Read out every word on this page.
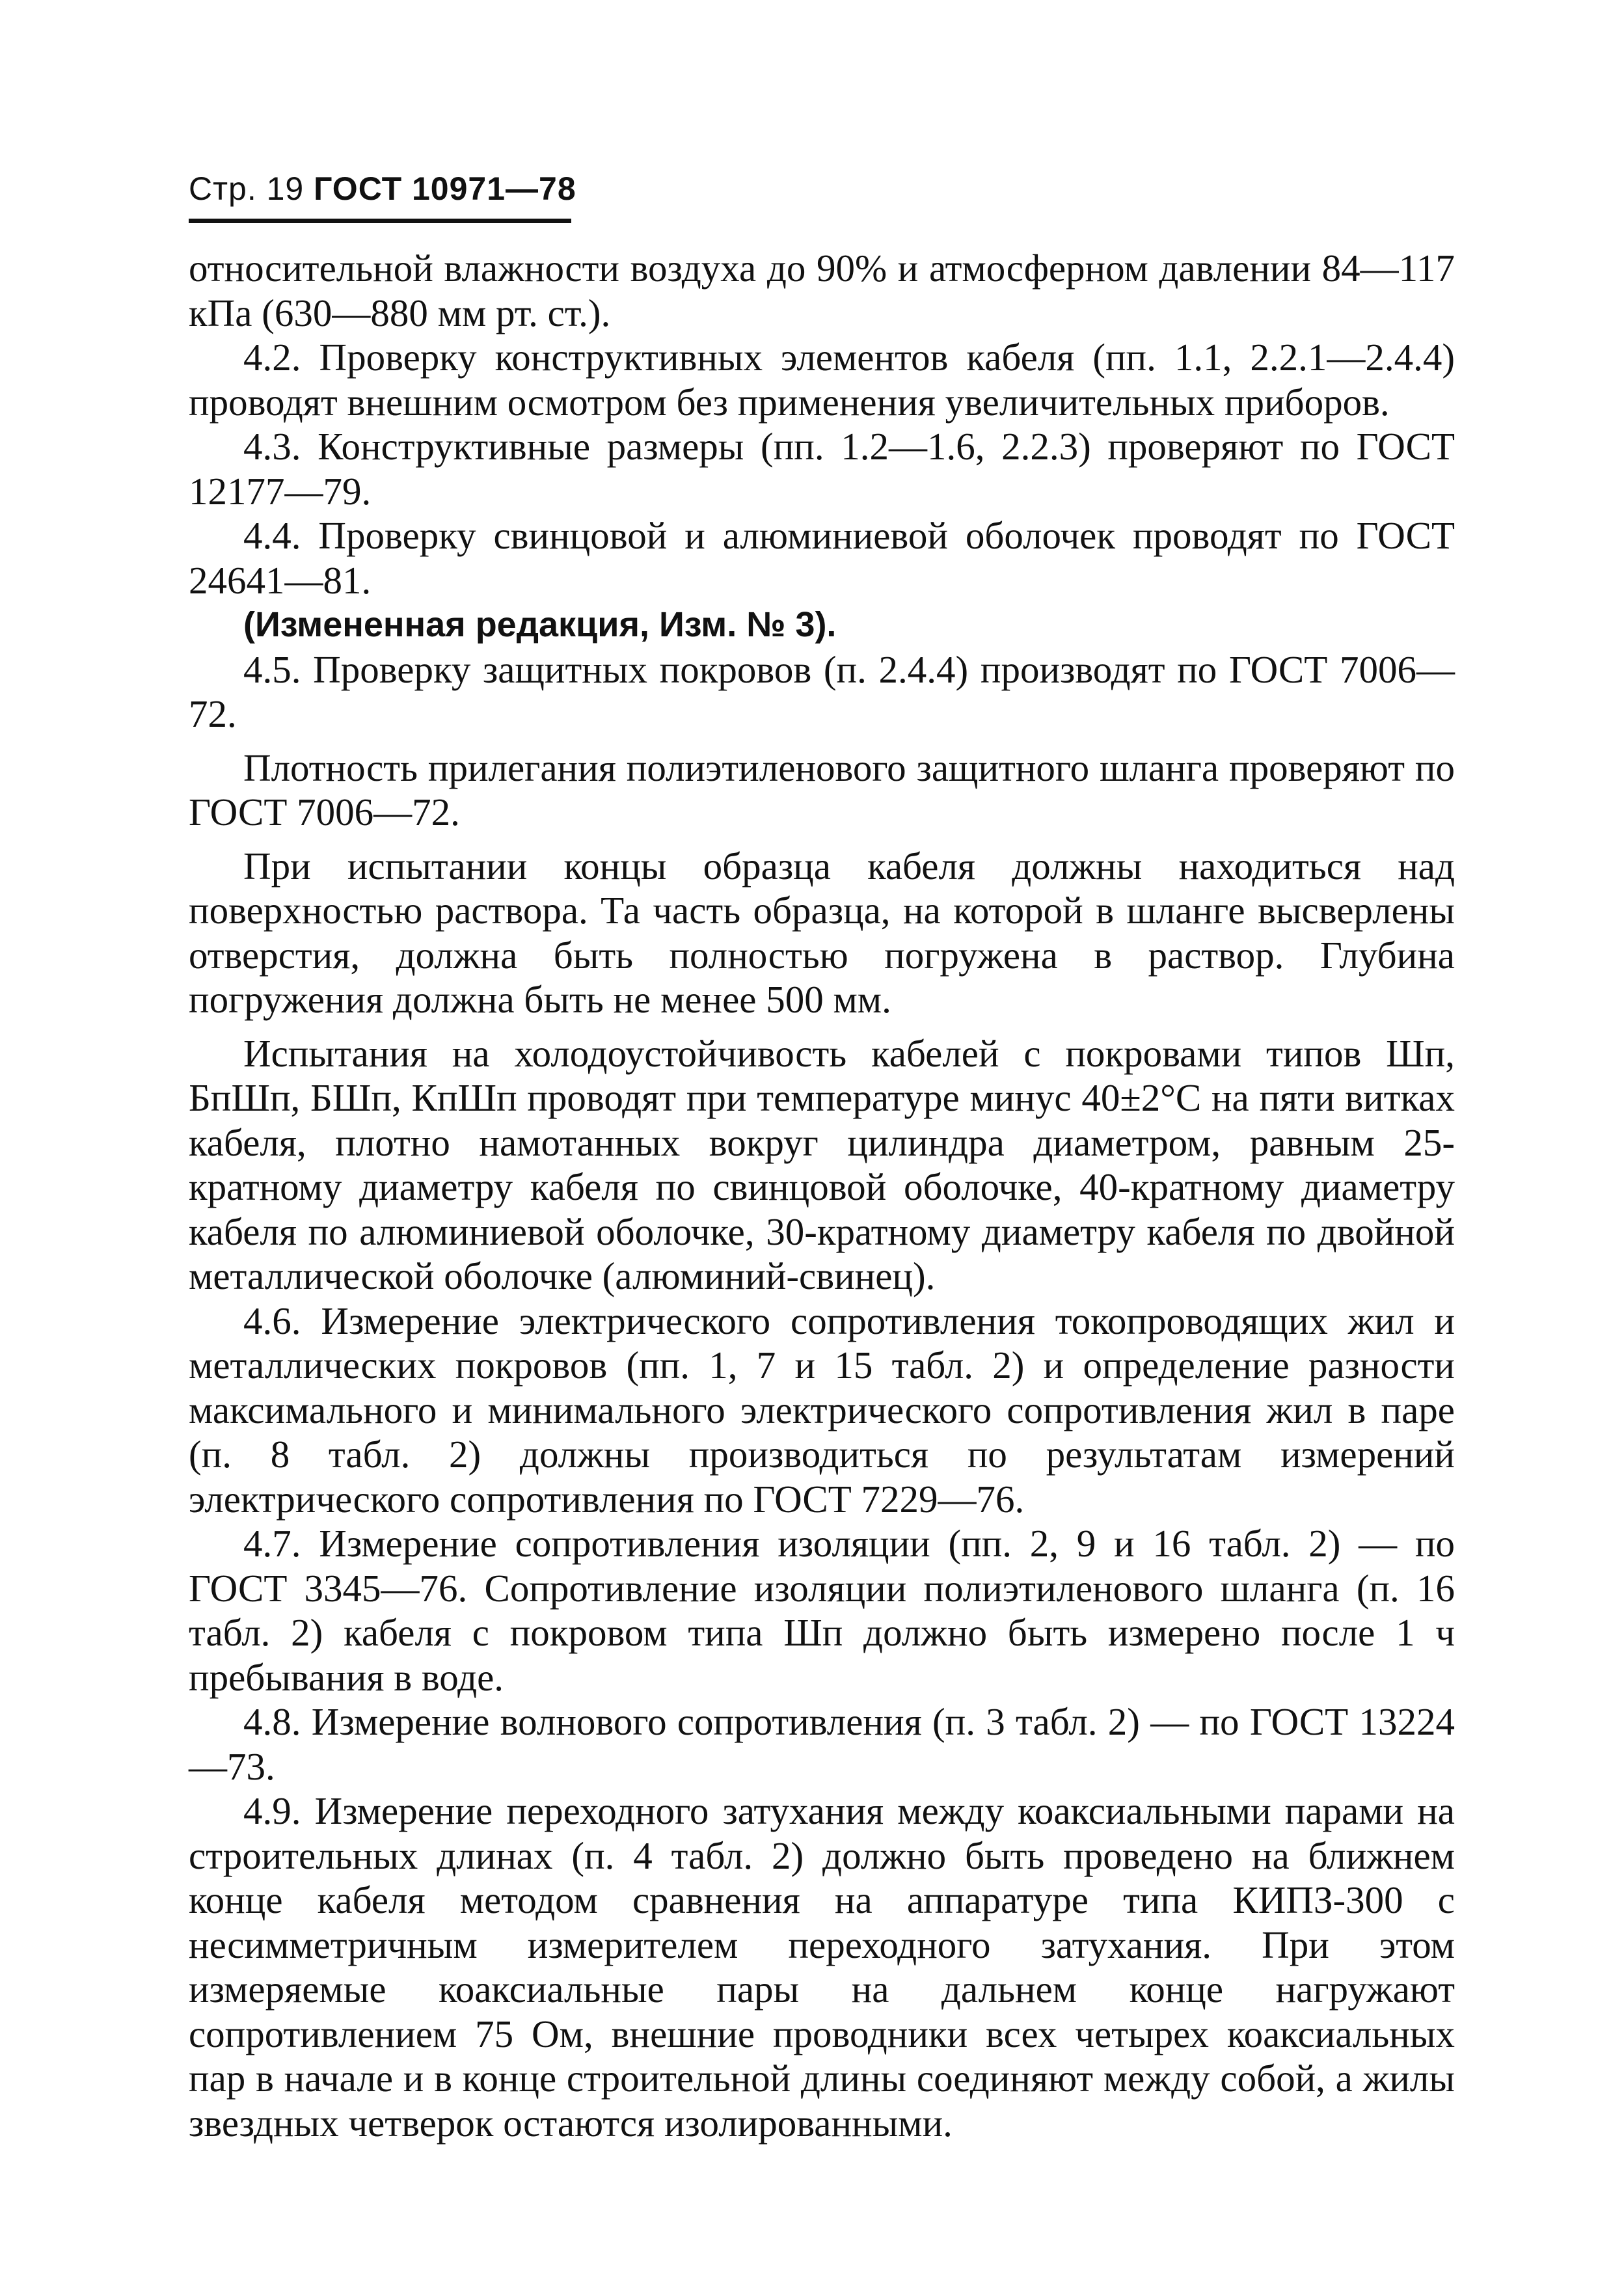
Стр. 19 ГОСТ 10971—78

относительной влажности воздуха до 90% и атмосферном давлении 84—117 кПа (630—880 мм рт. ст.).

4.2. Проверку конструктивных элементов кабеля (пп. 1.1, 2.2.1—2.4.4) проводят внешним осмотром без применения увеличительных приборов.

4.3. Конструктивные размеры (пп. 1.2—1.6, 2.2.3) проверяют по ГОСТ 12177—79.

4.4. Проверку свинцовой и алюминиевой оболочек проводят по ГОСТ 24641—81.

(Измененная редакция, Изм. № 3).

4.5. Проверку защитных покровов (п. 2.4.4) производят по ГОСТ 7006—72.

Плотность прилегания полиэтиленового защитного шланга проверяют по ГОСТ 7006—72.

При испытании концы образца кабеля должны находиться над поверхностью раствора. Та часть образца, на которой в шланге высверлены отверстия, должна быть полностью погружена в раствор. Глубина погружения должна быть не менее 500 мм.

Испытания на холодоустойчивость кабелей с покровами типов Шп, БпШп, БШп, КпШп проводят при температуре минус 40±2°С на пяти витках кабеля, плотно намотанных вокруг цилиндра диаметром, равным 25-кратному диаметру кабеля по свинцовой оболочке, 40-кратному диаметру кабеля по алюминиевой оболочке, 30-кратному диаметру кабеля по двойной металлической оболочке (алюминий-свинец).

4.6. Измерение электрического сопротивления токопроводящих жил и металлических покровов (пп. 1, 7 и 15 табл. 2) и определение разности максимального и минимального электрического сопротивления жил в паре (п. 8 табл. 2) должны производиться по результатам измерений электрического сопротивления по ГОСТ 7229—76.

4.7. Измерение сопротивления изоляции (пп. 2, 9 и 16 табл. 2) — по ГОСТ 3345—76. Сопротивление изоляции полиэтиленового шланга (п. 16 табл. 2) кабеля с покровом типа Шп должно быть измерено после 1 ч пребывания в воде.

4.8. Измерение волнового сопротивления (п. 3 табл. 2) — по ГОСТ 13224—73.

4.9. Измерение переходного затухания между коаксиальными парами на строительных длинах (п. 4 табл. 2) должно быть проведено на ближнем конце кабеля методом сравнения на аппаратуре типа КИПЗ-300 с несимметричным измерителем переходного затухания. При этом измеряемые коаксиальные пары на дальнем конце нагружают сопротивлением 75 Ом, внешние проводники всех четырех коаксиальных пар в начале и в конце строительной длины соединяют между собой, а жилы звездных четверок остаются изолированными.
